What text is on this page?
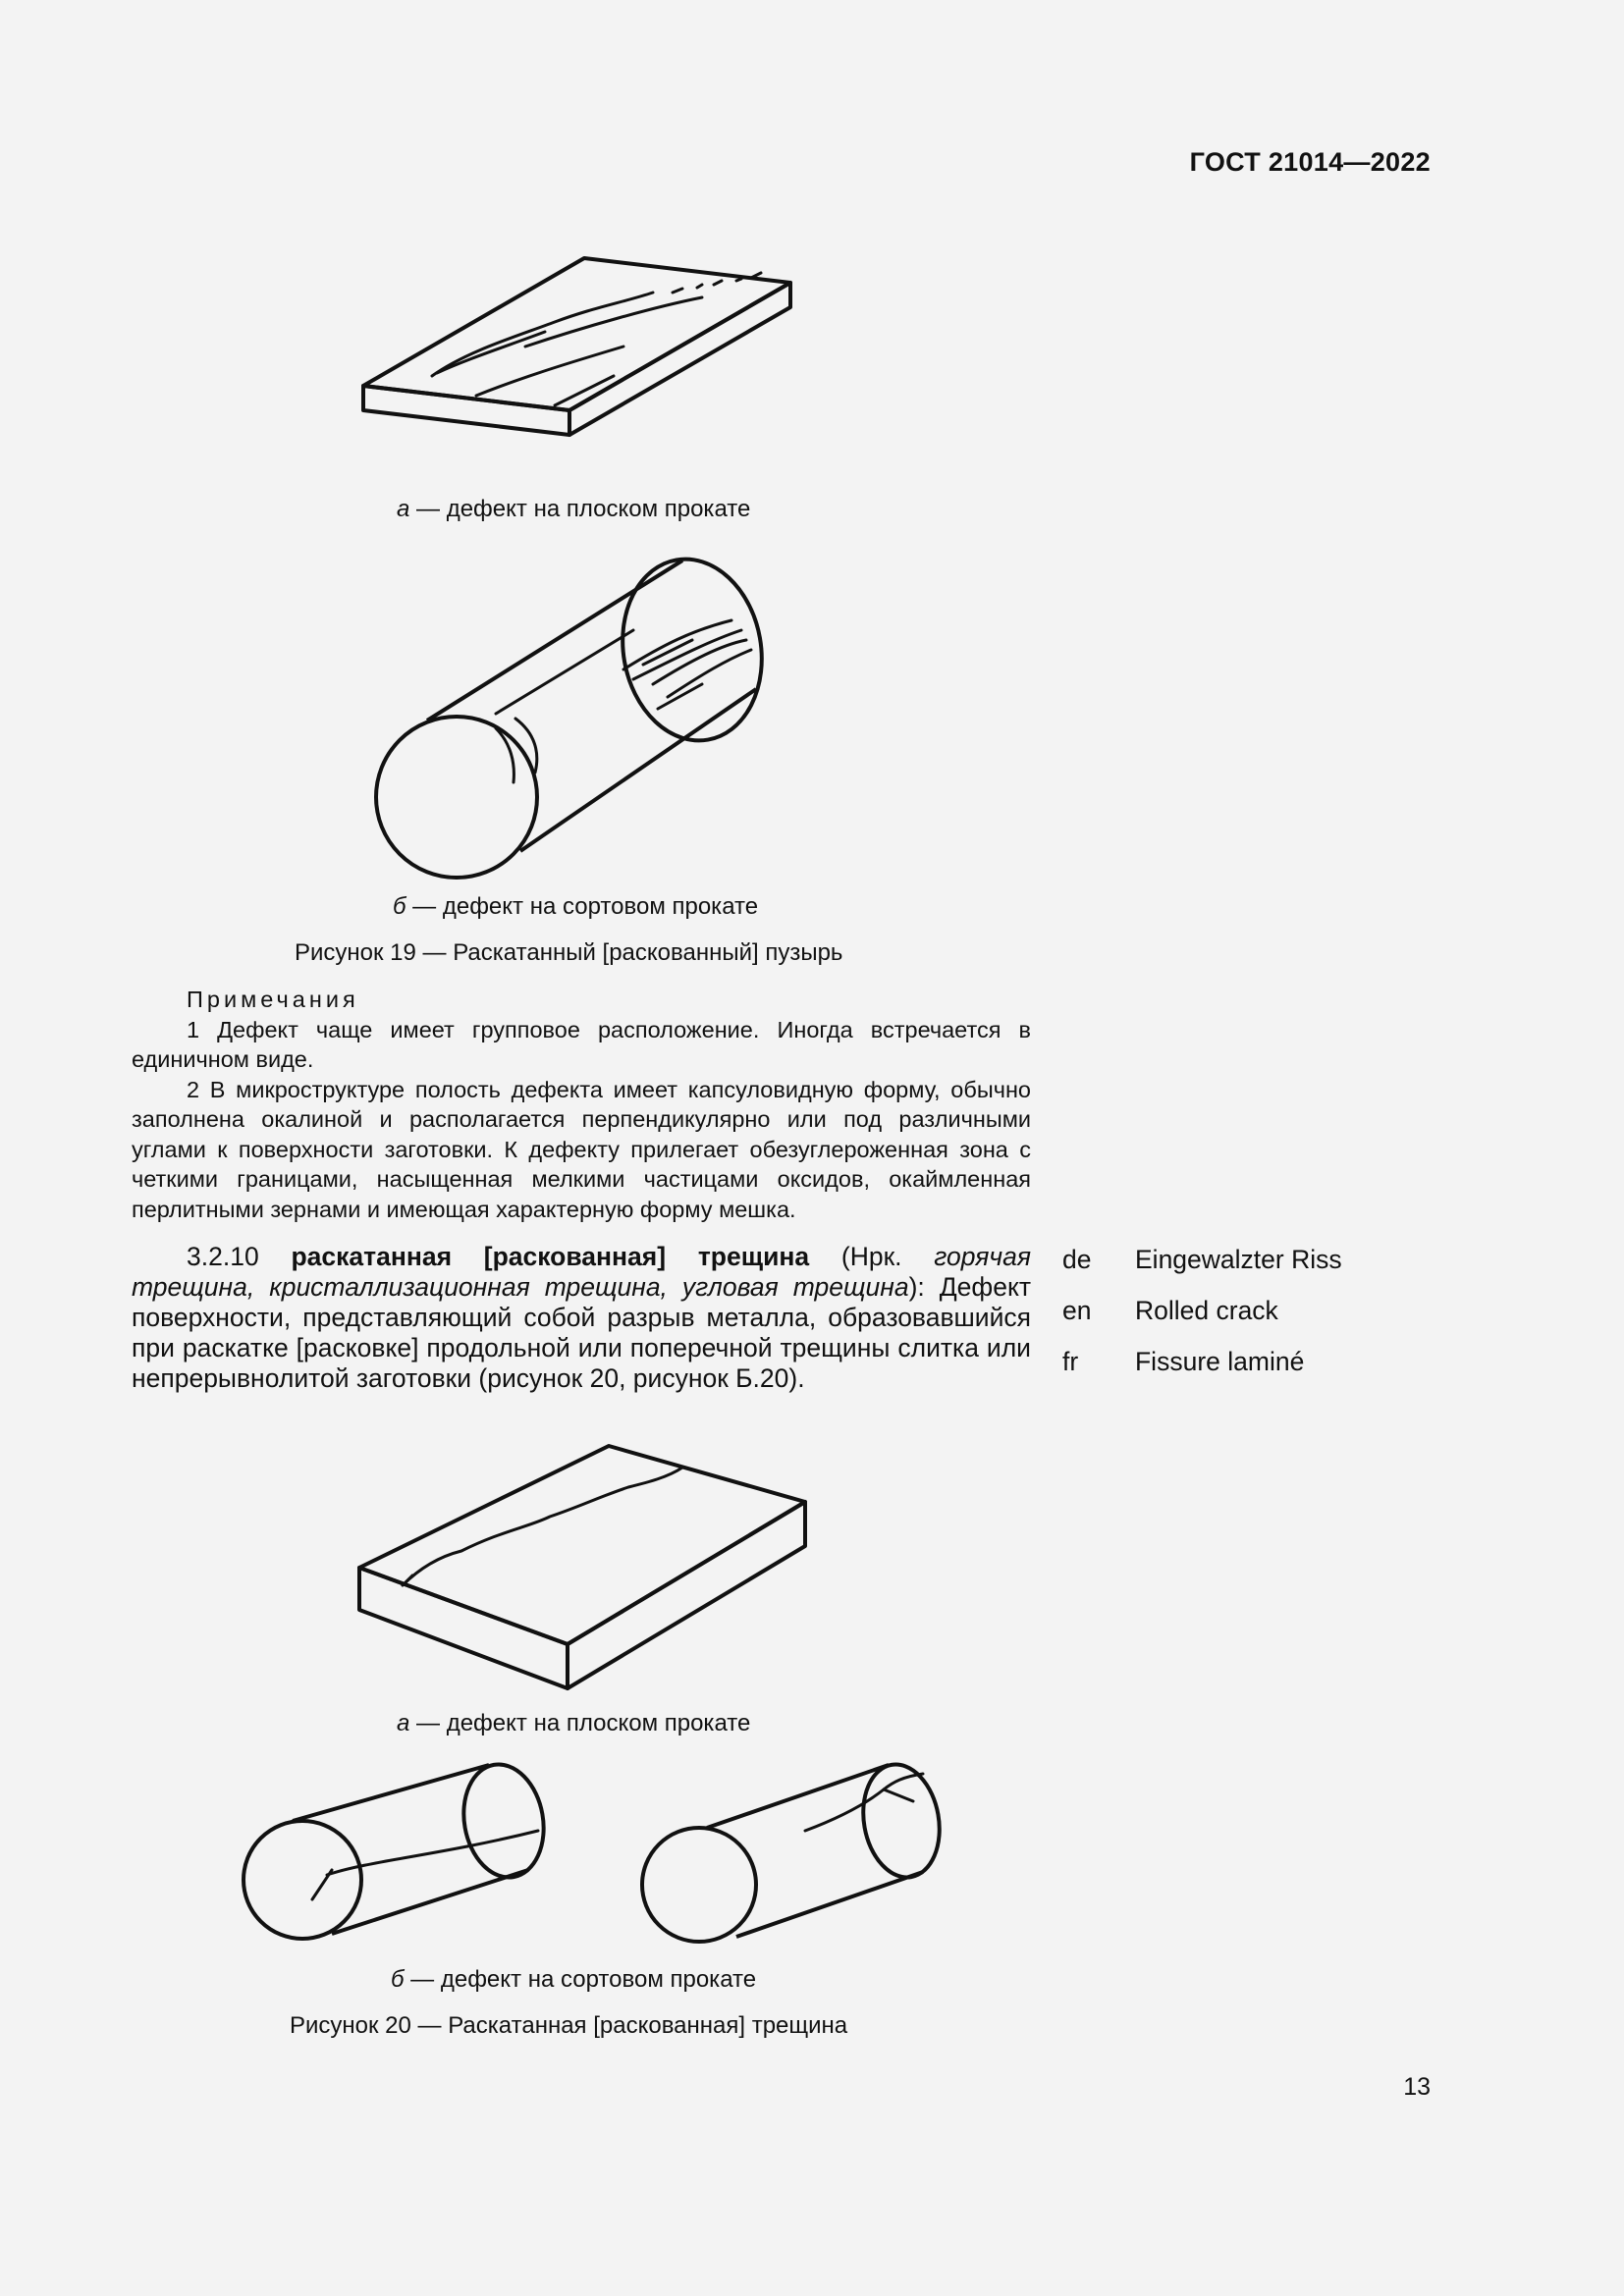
ГОСТ 21014—2022
а — дефект на плоском прокате
б — дефект на сортовом прокате
Рисунок 19 — Раскатанный [раскованный] пузырь

Примечания

1 Дефект чаще имеет групповое расположение. Иногда встречается в единичном виде.

2 В микроструктуре полость дефекта имеет капсуловидную форму, обычно заполнена окалиной и располагается перпендикулярно или под различными углами к поверхности заготовки. К дефекту прилегает обезуглероженная зона с четкими границами, насыщенная мелкими частицами оксидов, окаймленная перлитными зернами и имеющая характерную форму мешка.

3.2.10 раскатанная [раскованная] трещина (Нрк. горячая трещина, кристаллизационная трещина, угловая трещина): Дефект поверхности, представляющий собой разрыв металла, образовавшийся при раскатке [расковке] продольной или поперечной трещины слитка или непрерывнолитой заготовки (рисунок 20, рисунок Б.20).

de Eingewalzter Riss
en Rolled crack
fr Fissure laminé
а — дефект на плоском прокате
б — дефект на сортовом прокате
Рисунок 20 — Раскатанная [раскованная] трещина
13
